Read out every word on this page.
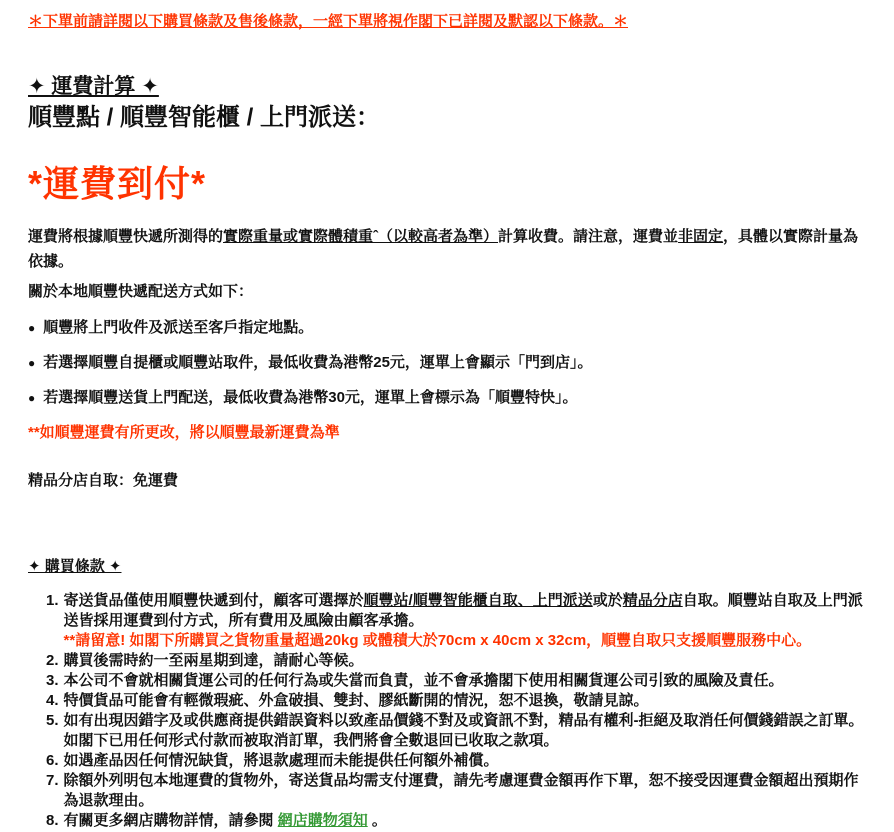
＊下單前請詳閱以下購買條款及售後條款，一經下單將視作閣下已詳閱及默認以下條款。＊
✦ 運費計算 ✦
順豐點 / 順豐智能櫃 / 上門派送：
*運費到付*
運費將根據順豐快遞所測得的實際重量或實際體積重ˆ（以較高者為準）計算收費。請注意，運費並非固定，具體以實際計量為依據。
關於本地順豐快遞配送方式如下：
● 順豐將上門收件及派送至客戶指定地點。
● 若選擇順豐自提櫃或順豐站取件，最低收費為港幣25元，運單上會顯示「門到店」。
● 若選擇順豐送貨上門配送，最低收費為港幣30元，運單上會標示為「順豐特快」。
**如順豐運費有所更改，將以順豐最新運費為準
精品分店自取：免運費
✦ 購買條款 ✦
1. 寄送貨品僅使用順豐快遞到付，顧客可選擇於順豐站/順豐智能櫃自取、上門派送或於精品分店自取。順豐站自取及上門派送皆採用運費到付方式，所有費用及風險由顧客承擔。
**請留意! 如閣下所購買之貨物重量超過20kg 或體積大於70cm x 40cm x 32cm，順豐自取只支援順豐服務中心。
2. 購買後需時約一至兩星期到達，請耐心等候。
3. 本公司不會就相關貨運公司的任何行為或失當而負責，並不會承擔閣下使用相關貨運公司引致的風險及責任。
4. 特價貨品可能會有輕微瑕疵、外盒破損、雙封、膠紙斷開的情況，恕不退換，敬請見諒。
5. 如有出現因錯字及或供應商提供錯誤資料以致產品價錢不對及或資訊不對，精品有權利-拒絕及取消任何價錢錯誤之訂單。如閣下已用任何形式付款而被取消訂單，我們將會全數退回已收取之款項。
6. 如遇產品因任何情況缺貨，將退款處理而未能提供任何額外補償。
7. 除額外列明包本地運費的貨物外，寄送貨品均需支付運費，請先考慮運費金額再作下單，恕不接受因運費金額超出預期作為退款理由。
8. 有關更多網店購物詳情，請參閱 網店購物須知 。
